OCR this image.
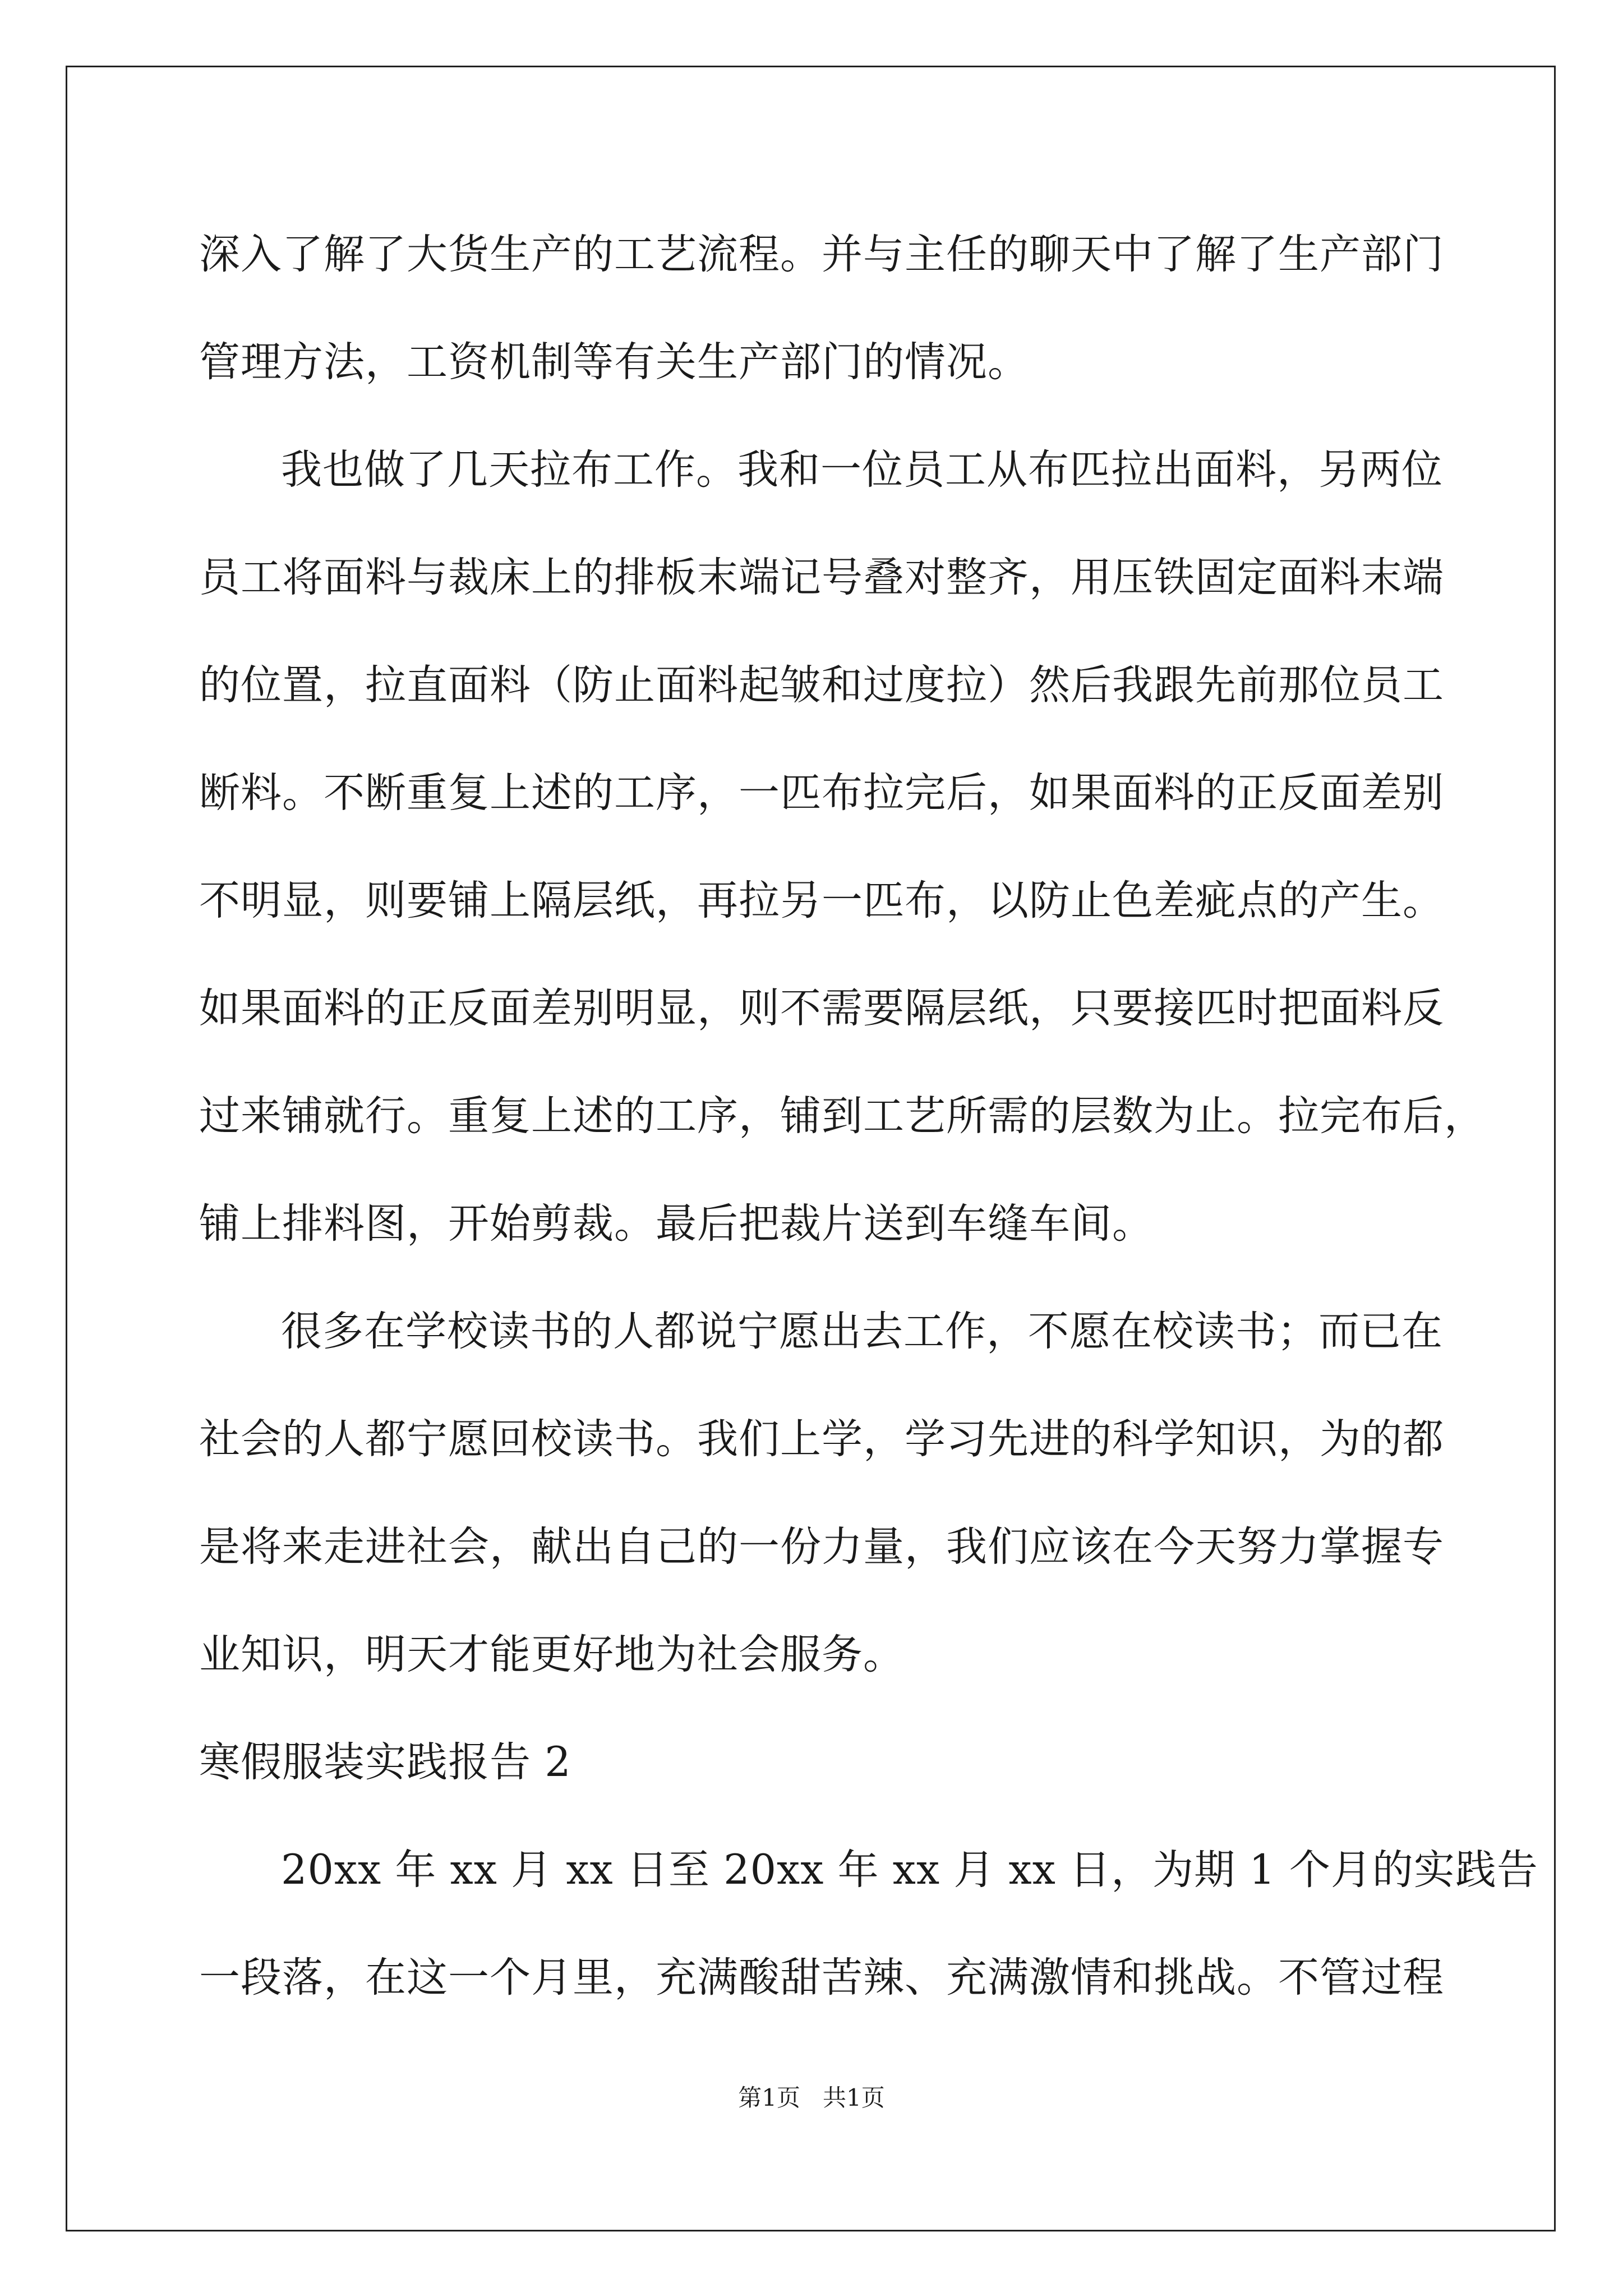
深入了解了大货生产的工艺流程。并与主任的聊天中了解了生产部门
管理方法，工资机制等有关生产部门的情况。
我也做了几天拉布工作。我和一位员工从布匹拉出面料，另两位
员工将面料与裁床上的排板末端记号叠对整齐，用压铁固定面料末端
的位置，拉直面料（防止面料起皱和过度拉）然后我跟先前那位员工
断料。不断重复上述的工序，一匹布拉完后，如果面料的正反面差别
不明显，则要铺上隔层纸，再拉另一匹布，以防止色差疵点的产生。
如果面料的正反面差别明显，则不需要隔层纸，只要接匹时把面料反
过来铺就行。重复上述的工序，铺到工艺所需的层数为止。拉完布后，
铺上排料图，开始剪裁。最后把裁片送到车缝车间。
很多在学校读书的人都说宁愿出去工作，不愿在校读书；而已在
社会的人都宁愿回校读书。我们上学，学习先进的科学知识，为的都
是将来走进社会，献出自己的一份力量，我们应该在今天努力掌握专
业知识，明天才能更好地为社会服务。
寒假服装实践报告 2
20xx 年 xx 月 xx 日至 20xx 年 xx 月 xx 日，为期 1 个月的实践告
一段落，在这一个月里，充满酸甜苦辣、充满激情和挑战。不管过程
第1页   共1页
